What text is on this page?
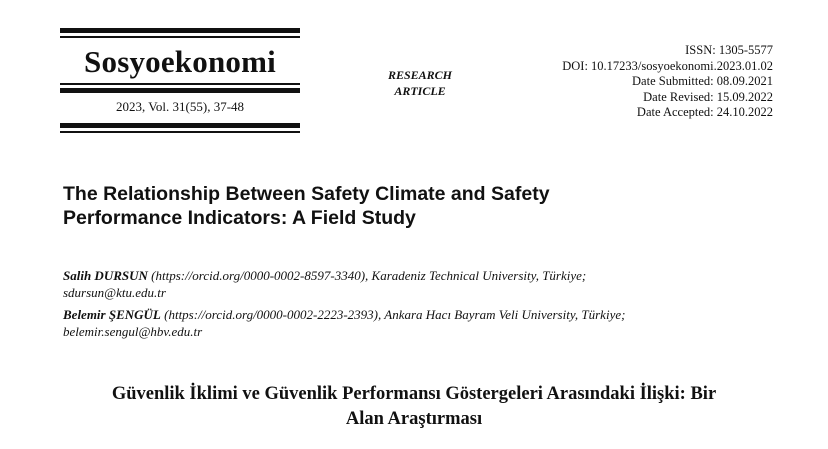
Sosyoekonomi
2023, Vol. 31(55), 37-48
RESEARCH
ARTICLE
ISSN: 1305-5577
DOI: 10.17233/sosyoekonomi.2023.01.02
Date Submitted: 08.09.2021
Date Revised: 15.09.2022
Date Accepted: 24.10.2022
The Relationship Between Safety Climate and Safety
Performance Indicators: A Field Study
Salih DURSUN (https://orcid.org/0000-0002-8597-3340), Karadeniz Technical University, Türkiye;
sdursun@ktu.edu.tr
Belemir ŞENGÜL (https://orcid.org/0000-0002-2223-2393), Ankara Hacı Bayram Veli University, Türkiye;
belemir.sengul@hbv.edu.tr
Güvenlik İklimi ve Güvenlik Performansı Göstergeleri Arasındaki İlişki: Bir
Alan Araştırması
